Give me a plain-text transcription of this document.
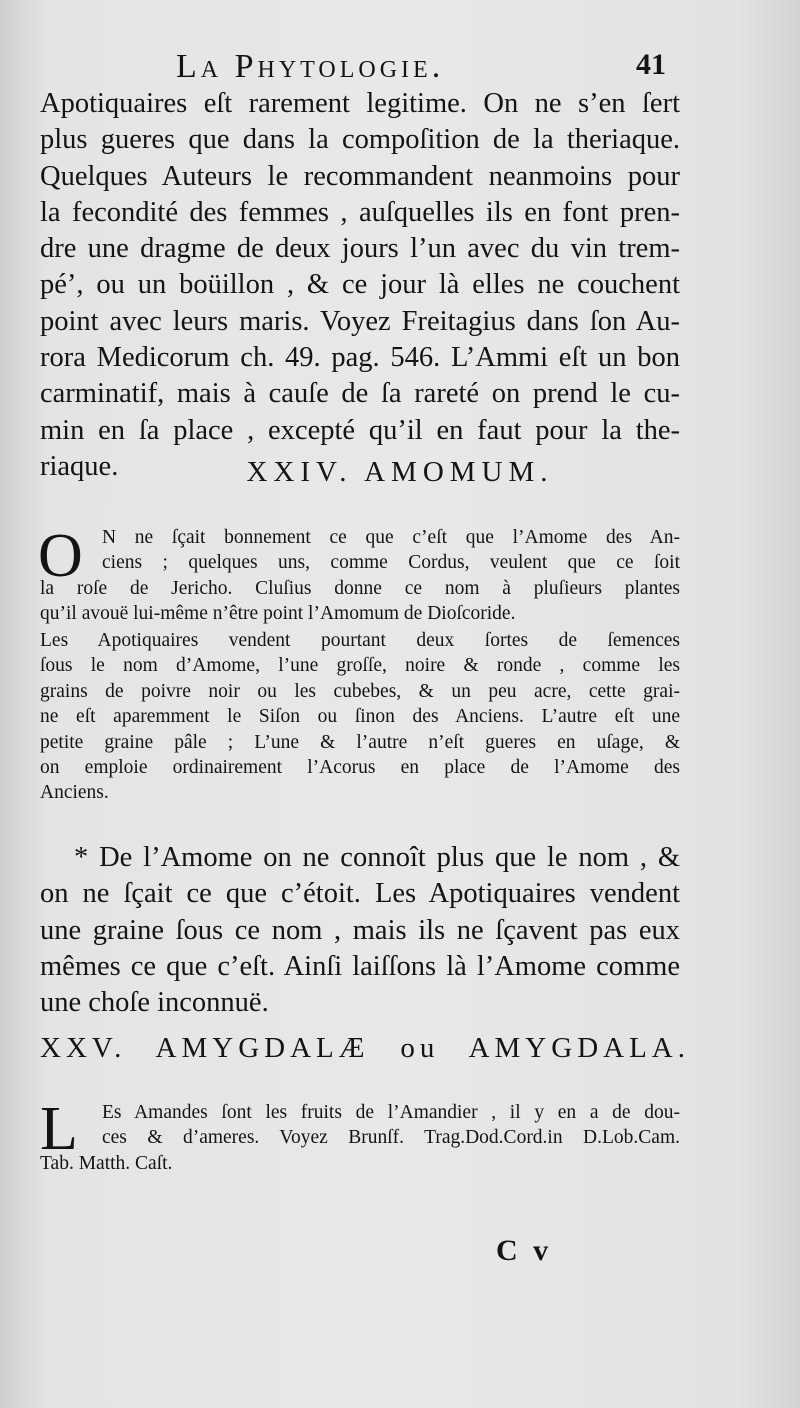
La Phytologie.	41
Apotiquaires eſt rarement legitime. On ne s’en ſert
plus gueres que dans la compoſition de la theriaque.
Quelques Auteurs le recommandent neanmoins pour
la fecondité des femmes , auſquelles ils en font pren-
dre une dragme de deux jours l’un avec du vin trem-
pé’, ou un boüillon , & ce jour là elles ne couchent
point avec leurs maris. Voyez Freitagius dans ſon Au-
rora Medicorum ch. 49. pag. 546. L’Ammi eſt un bon
carminatif, mais à cauſe de ſa rareté on prend le cu-
min en ſa place , excepté qu’il en faut pour la the-
riaque.	XXIV. AMOMUM.
O N ne ſçait bonnement ce que c’eſt que l’Amome des An-
ciens ; quelques uns, comme Cordus, veulent que ce ſoit
la roſe de Jericho. Cluſius donne ce nom à pluſieurs plantes
qu’il avouë lui-même n’être point l’Amomum de Dioſcoride.
Les Apotiquaires vendent pourtant deux ſortes de ſemences
ſous le nom d’Amome, l’une groſſe, noire & ronde , comme les
grains de poivre noir ou les cubebes, & un peu acre, cette grai-
ne eſt aparemment le Siſon ou ſinon des Anciens. L’autre eſt une
petite graine pâle ; L’une & l’autre n’eſt gueres en uſage, &
on emploie ordinairement l’Acorus en place de l’Amome des
Anciens.
* De l’Amome on ne connoît plus que le nom , &
on ne ſçait ce que c’étoit. Les Apotiquaires vendent
une graine ſous ce nom , mais ils ne ſçavent pas eux
mêmes ce que c’eſt. Ainſi laiſſons là l’Amome comme
une choſe inconnuë.
XXV. AMYGDALÆ ou AMYGDALA.
L	Es Amandes ſont les fruits de l’Amandier , il y en a de dou-
ces & d’ameres. Voyez Brunſf. Trag.Dod.Cord.in D.Lob.Cam.
Tab. Matth. Caſt.
C v
